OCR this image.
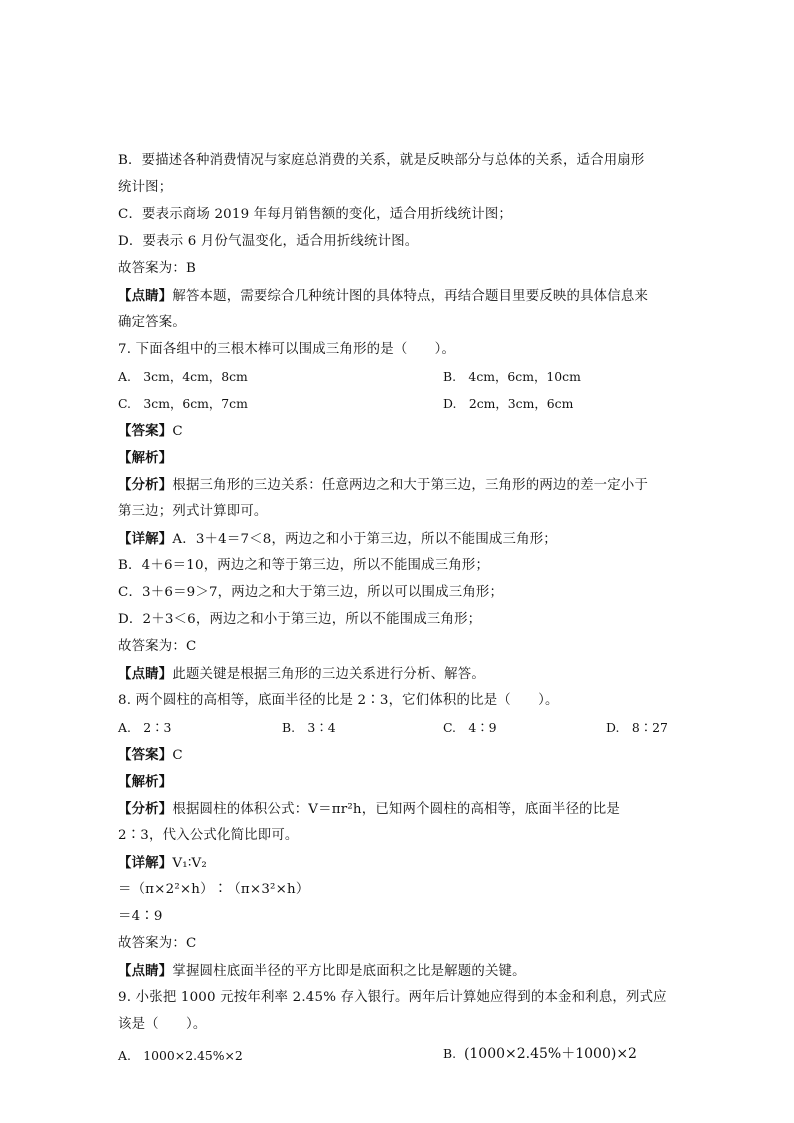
B．要描述各种消费情况与家庭总消费的关系，就是反映部分与总体的关系，适合用扇形
统计图；
C．要表示商场 2019 年每月销售额的变化，适合用折线统计图；
D．要表示 6 月份气温变化，适合用折线统计图。
故答案为：B
【点睛】解答本题，需要综合几种统计图的具体特点，再结合题目里要反映的具体信息来
确定答案。
7. 下面各组中的三根木棒可以围成三角形的是（　　）。
A.　3cm，4cm，8cm	B.　4cm，6cm，10cm
C.　3cm，6cm，7cm	D.　2cm，3cm，6cm
【答案】C
【解析】
【分析】根据三角形的三边关系：任意两边之和大于第三边，三角形的两边的差一定小于
第三边；列式计算即可。
【详解】A．3＋4＝7＜8，两边之和小于第三边，所以不能围成三角形；
B．4＋6＝10，两边之和等于第三边，所以不能围成三角形；
C．3＋6＝9＞7，两边之和大于第三边，所以可以围成三角形；
D．2＋3＜6，两边之和小于第三边，所以不能围成三角形；
故答案为：C
【点睛】此题关键是根据三角形的三边关系进行分析、解答。
8. 两个圆柱的高相等，底面半径的比是 2∶3，它们体积的比是（　　）。
A.　2∶3	B.　3∶4	C.　4∶9	D.　8∶27
【答案】C
【解析】
【分析】根据圆柱的体积公式：V＝πr²h，已知两个圆柱的高相等，底面半径的比是
2∶3，代入公式化简比即可。
【详解】V₁∶V₂
＝（π×2²×h）∶（π×3²×h）
＝4∶9
故答案为：C
【点睛】掌握圆柱底面半径的平方比即是底面积之比是解题的关键。
9. 小张把 1000 元按年利率 2.45% 存入银行。两年后计算她应得到的本金和利息，列式应
该是（　　）。
A.　1000×2.45%×2	B. (1000×2.45%＋1000)×2
